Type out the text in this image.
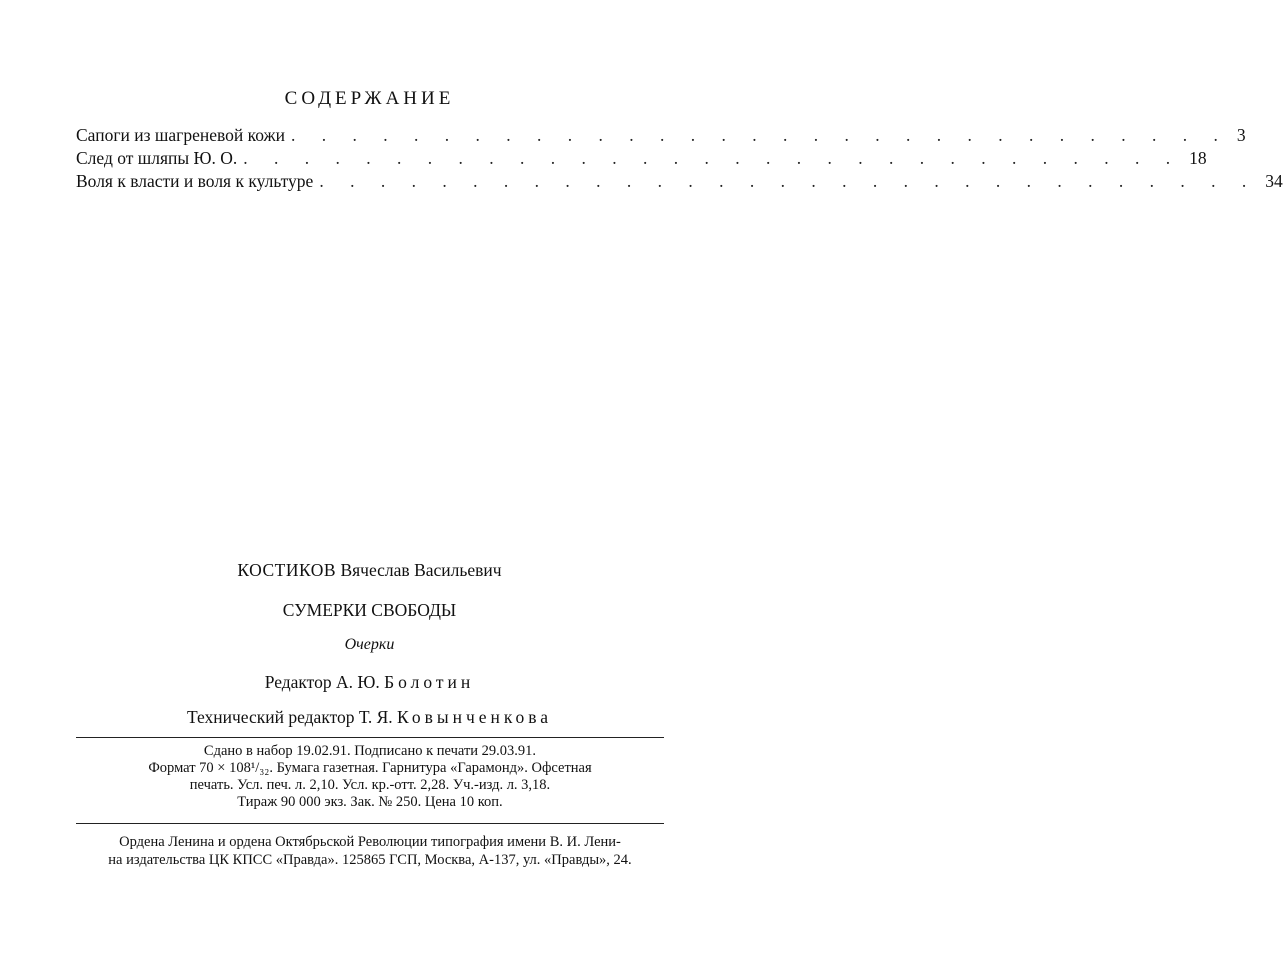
СОДЕРЖАНИЕ
Сапоги из шагреневой кожи . . . . . . . . . . . . . . . . . . . . . . . . . . . . . . . 3
След от шляпы Ю. О. . . . . . . . . . . . . . . . . . . . . . . . . . . . . . . . 18
Воля к власти и воля к культуре . . . . . . . . . . . . . . . . . . . . . . . . . . . . . . . 34
КОСТИКОВ Вячеслав Васильевич
СУМЕРКИ СВОБОДЫ
Очерки
Редактор А. Ю. Болотин
Технический редактор Т. Я. Ковынченкова
Сдано в набор 19.02.91. Подписано к печати 29.03.91.
Формат 70 × 108¹/₃₂. Бумага газетная. Гарнитура «Гарамонд». Офсетная
печать. Усл. печ. л. 2,10. Усл. кр.-отт. 2,28. Уч.-изд. л. 3,18.
Тираж 90 000 экз. Зак. № 250. Цена 10 коп.
Ордена Ленина и ордена Октябрьской Революции типография имени В. И. Лени-
на издательства ЦК КПСС «Правда». 125865 ГСП, Москва, А-137, ул. «Правды», 24.
